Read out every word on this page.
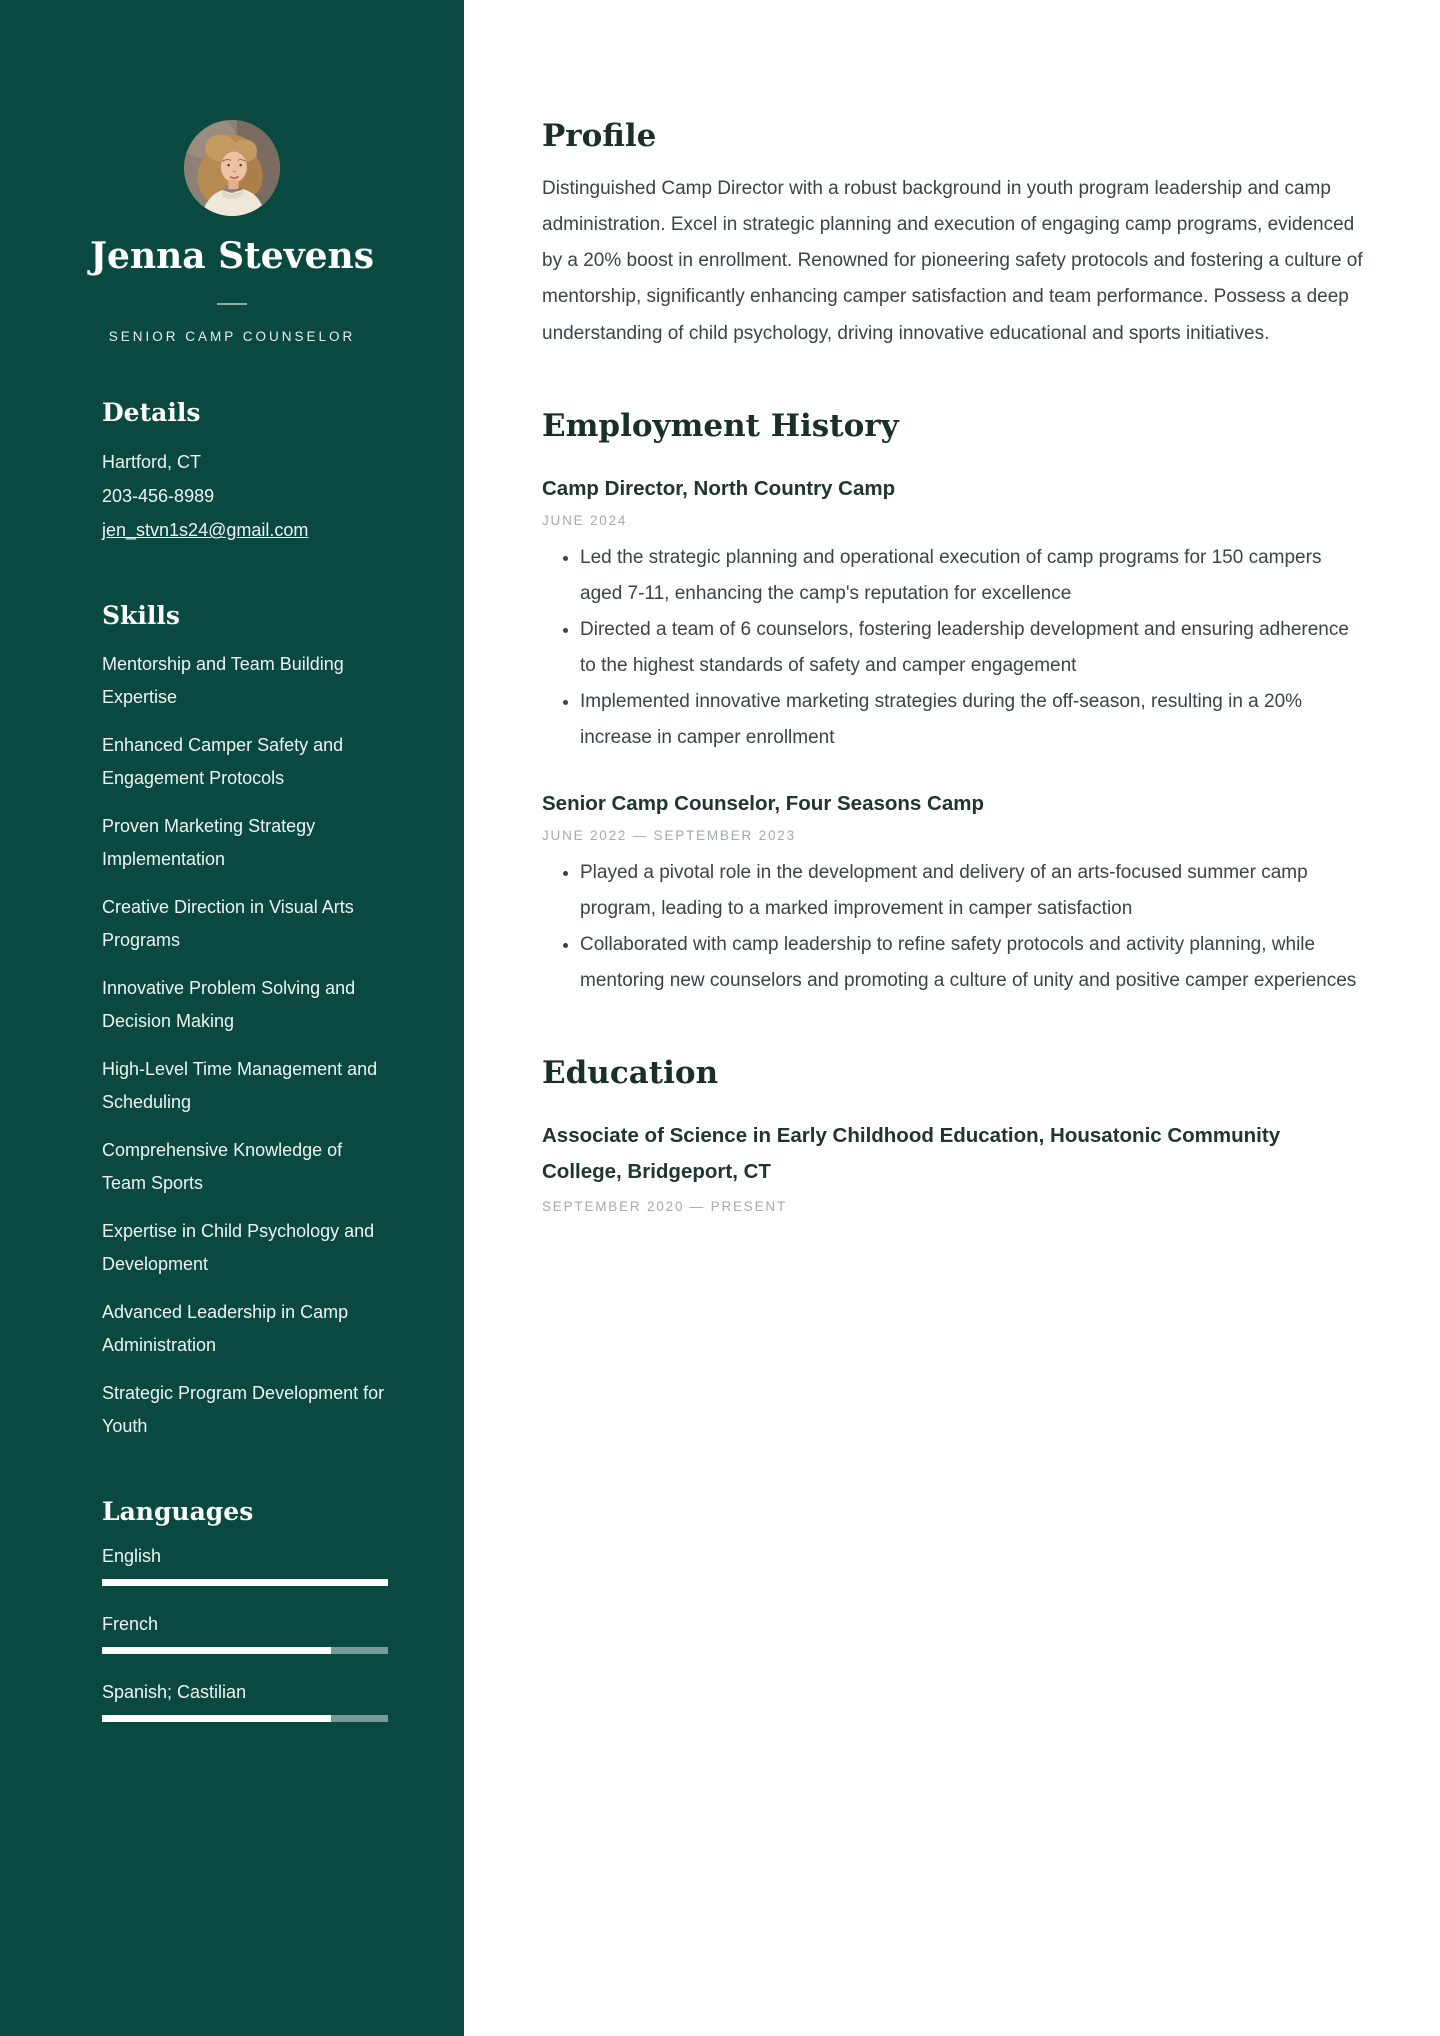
Jenna Stevens
SENIOR CAMP COUNSELOR
Details
Hartford, CT
203-456-8989
jen_stvn1s24@gmail.com
Skills
Mentorship and Team Building Expertise
Enhanced Camper Safety and Engagement Protocols
Proven Marketing Strategy Implementation
Creative Direction in Visual Arts Programs
Innovative Problem Solving and Decision Making
High-Level Time Management and Scheduling
Comprehensive Knowledge of Team Sports
Expertise in Child Psychology and Development
Advanced Leadership in Camp Administration
Strategic Program Development for Youth
Languages
English
French
Spanish; Castilian
Profile

Distinguished Camp Director with a robust background in youth program leadership and camp administration. Excel in strategic planning and execution of engaging camp programs, evidenced by a 20% boost in enrollment. Renowned for pioneering safety protocols and fostering a culture of mentorship, significantly enhancing camper satisfaction and team performance. Possess a deep understanding of child psychology, driving innovative educational and sports initiatives.

Employment History
Camp Director, North Country Camp
JUNE 2024
• Led the strategic planning and operational execution of camp programs for 150 campers aged 7-11, enhancing the camp's reputation for excellence
• Directed a team of 6 counselors, fostering leadership development and ensuring adherence to the highest standards of safety and camper engagement
• Implemented innovative marketing strategies during the off-season, resulting in a 20% increase in camper enrollment
Senior Camp Counselor, Four Seasons Camp
JUNE 2022 — SEPTEMBER 2023
• Played a pivotal role in the development and delivery of an arts-focused summer camp program, leading to a marked improvement in camper satisfaction
• Collaborated with camp leadership to refine safety protocols and activity planning, while mentoring new counselors and promoting a culture of unity and positive camper experiences
Education
Associate of Science in Early Childhood Education, Housatonic Community College, Bridgeport, CT
SEPTEMBER 2020 — PRESENT
